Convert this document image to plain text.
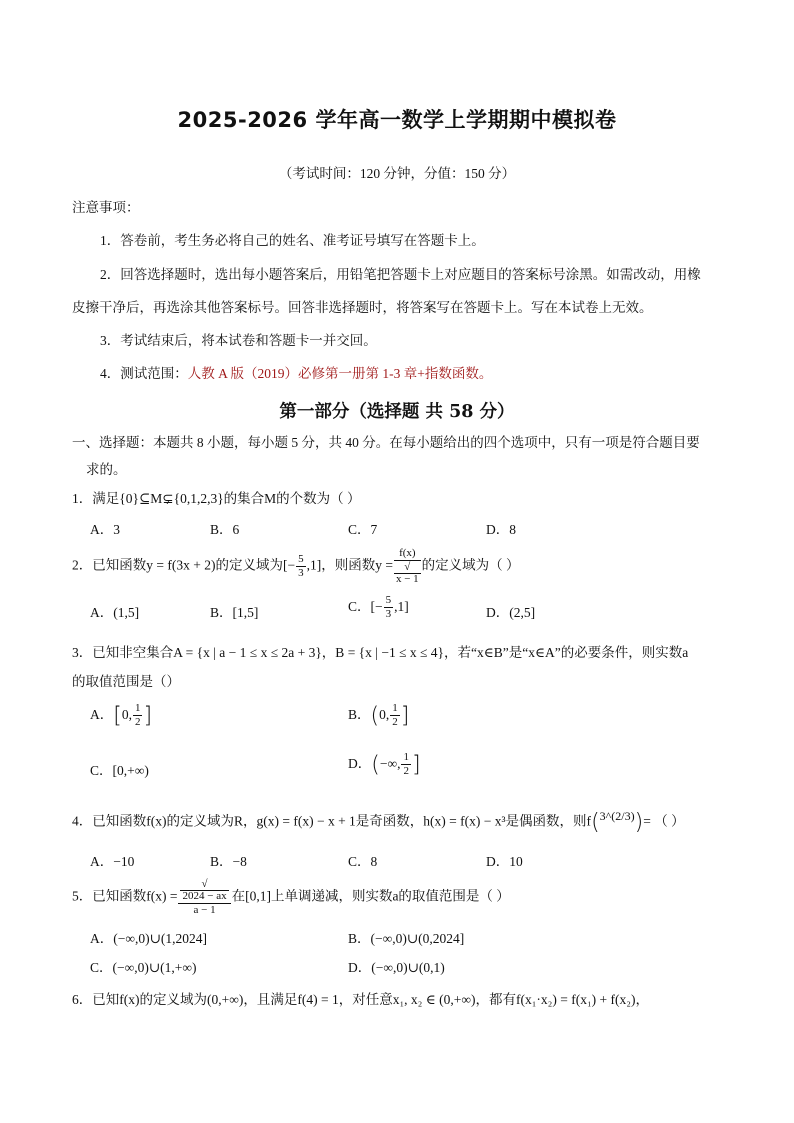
2025-2026 学年高一数学上学期期中模拟卷
（考试时间：120 分钟，分值：150 分）
注意事项：
1．答卷前，考生务必将自己的姓名、准考证号填写在答题卡上。
2．回答选择题时，选出每小题答案后，用铅笔把答题卡上对应题目的答案标号涂黑。如需改动，用橡
皮擦干净后，再选涂其他答案标号。回答非选择题时，将答案写在答题卡上。写在本试卷上无效。
3．考试结束后，将本试卷和答题卡一并交回。
4．测试范围：人教 A 版（2019）必修第一册第 1-3 章+指数函数。
第一部分（选择题 共 58 分）
一、选择题：本题共 8 小题，每小题 5 分，共 40 分。在每小题给出的四个选项中，只有一项是符合题目要
求的。
1．满足{0}⊆M⊊{0,1,2,3}的集合M的个数为（ ）
A．3	B．6	C．7	D．8
2．已知函数y = f(3x + 2)的定义域为[− $\frac{5}{3} ,1$]，则函数y = f(x)
√
x − 1 的定义域为（ ）
A．(1,5]	B．[1,5]	C．[− $\frac{5}{3} ,1$]	D．(2,5]
3．已知非空集合A = {x | a − 1 ≤ x ≤ 2a + 3}，B = {x | −1 ≤ x ≤ 4}，若“x∈B”是“x∈A”的必要条件，则实数a
的取值范围是（）
A．[0, $\frac{1}{2}$ ]	B．(0, $\frac{1}{2}$ ]
C．[0,+∞)	D．(−∞, $\frac{1}{2}$ ]
4．已知函数f(x)的定义域为R，g(x) = f(x) − x + 1是奇函数，h(x) = f(x) − x³是偶函数，则f(3^(2/3))= （ ）
A．−10	B．−8	C．8	D．10
5．已知函数f(x) = √
2024 − ax
a − 1 在[0,1]上单调递减，则实数a的取值范围是（ ）
A．(−∞,0)∪(1,2024]	B．(−∞,0)∪(0,2024]
C．(−∞,0)∪(1,+∞)	D．(−∞,0)∪(0,1)
6．已知f(x)的定义域为(0,+∞)，且满足f(4) = 1，对任意x₁, x₂ ∈ (0,+∞)，都有f(x₁·x₂) = f(x₁) + f(x₂)，
